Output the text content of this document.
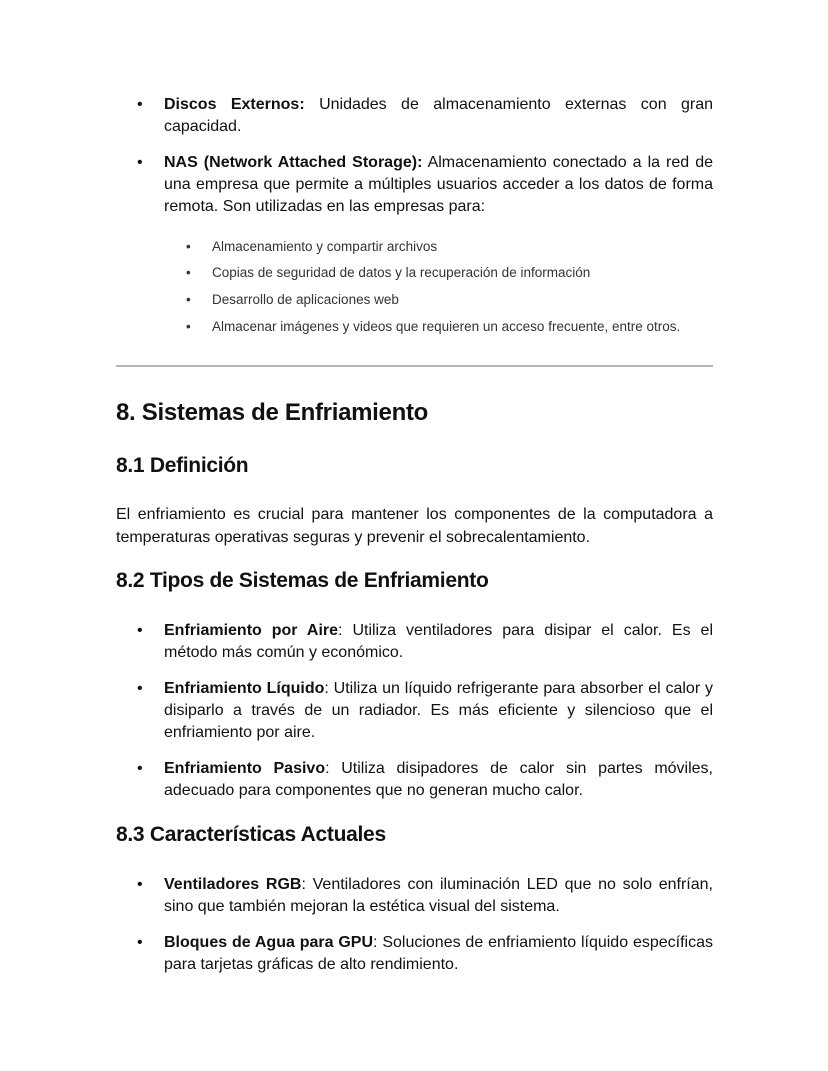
•	Discos Externos: Unidades de almacenamiento externas con gran capacidad.
•	NAS (Network Attached Storage): Almacenamiento conectado a la red de una empresa que permite a múltiples usuarios acceder a los datos de forma remota. Son utilizadas en las empresas para:
• Almacenamiento y compartir archivos
• Copias de seguridad de datos y la recuperación de información
• Desarrollo de aplicaciones web
• Almacenar imágenes y videos que requieren un acceso frecuente, entre otros.
8. Sistemas de Enfriamiento
8.1 Definición
El enfriamiento es crucial para mantener los componentes de la computadora a temperaturas operativas seguras y prevenir el sobrecalentamiento.
8.2 Tipos de Sistemas de Enfriamiento
•	Enfriamiento por Aire: Utiliza ventiladores para disipar el calor. Es el método más común y económico.
•	Enfriamiento Líquido: Utiliza un líquido refrigerante para absorber el calor y disiparlo a través de un radiador. Es más eficiente y silencioso que el enfriamiento por aire.
•	Enfriamiento Pasivo: Utiliza disipadores de calor sin partes móviles, adecuado para componentes que no generan mucho calor.
8.3 Características Actuales
•	Ventiladores RGB: Ventiladores con iluminación LED que no solo enfrían, sino que también mejoran la estética visual del sistema.
•	Bloques de Agua para GPU: Soluciones de enfriamiento líquido específicas para tarjetas gráficas de alto rendimiento.
